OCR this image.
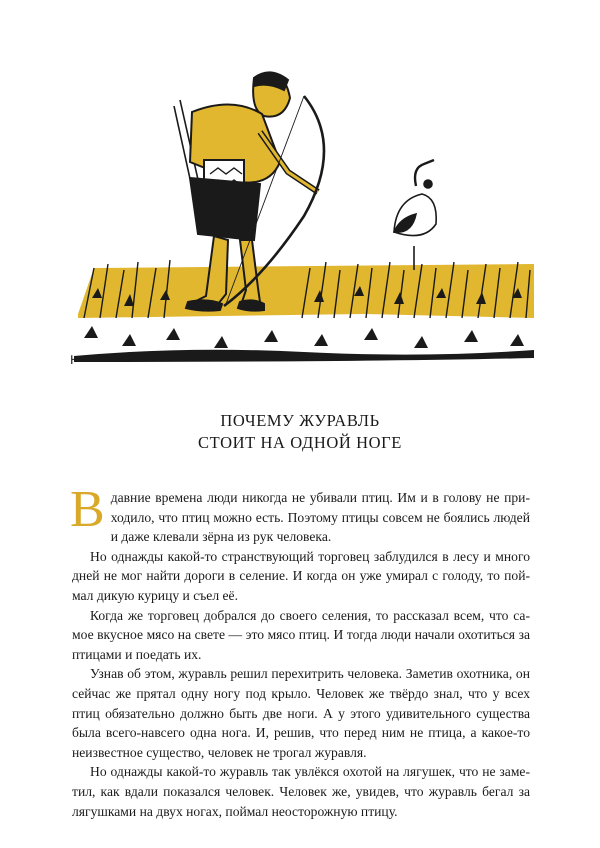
Ͱ
ПОЧЕМУ ЖУРАВЛЬ
СТОИТ НА ОДНОЙ НОГЕ

Вдавние времена люди никогда не убивали птиц. Им и в голову не приходило, что птиц можно есть. Поэтому птицы совсем не боялись людей и даже клевали зёрна из рук человека.

Но однажды какой-то странствующий торговец заблудился в лесу и много дней не мог найти дороги в селение. И когда он уже умирал с голоду, то поймал дикую курицу и съел её.

Когда же торговец добрался до своего селения, то рассказал всем, что самое вкусное мясо на свете — это мясо птиц. И тогда люди начали охотиться за птицами и поедать их.

Узнав об этом, журавль решил перехитрить человека. Заметив охотника, он сейчас же прятал одну ногу под крыло. Человек же твёрдо знал, что у всех птиц обязательно должно быть две ноги. А у этого удивительного существа была всего-навсего одна нога. И, решив, что перед ним не птица, а какое-то неизвестное существо, человек не трогал журавля.

Но однажды какой-то журавль так увлёкся охотой на лягушек, что не заметил, как вдали показался человек. Человек же, увидев, что журавль бегал за лягушками на двух ногах, поймал неосторожную птицу.
